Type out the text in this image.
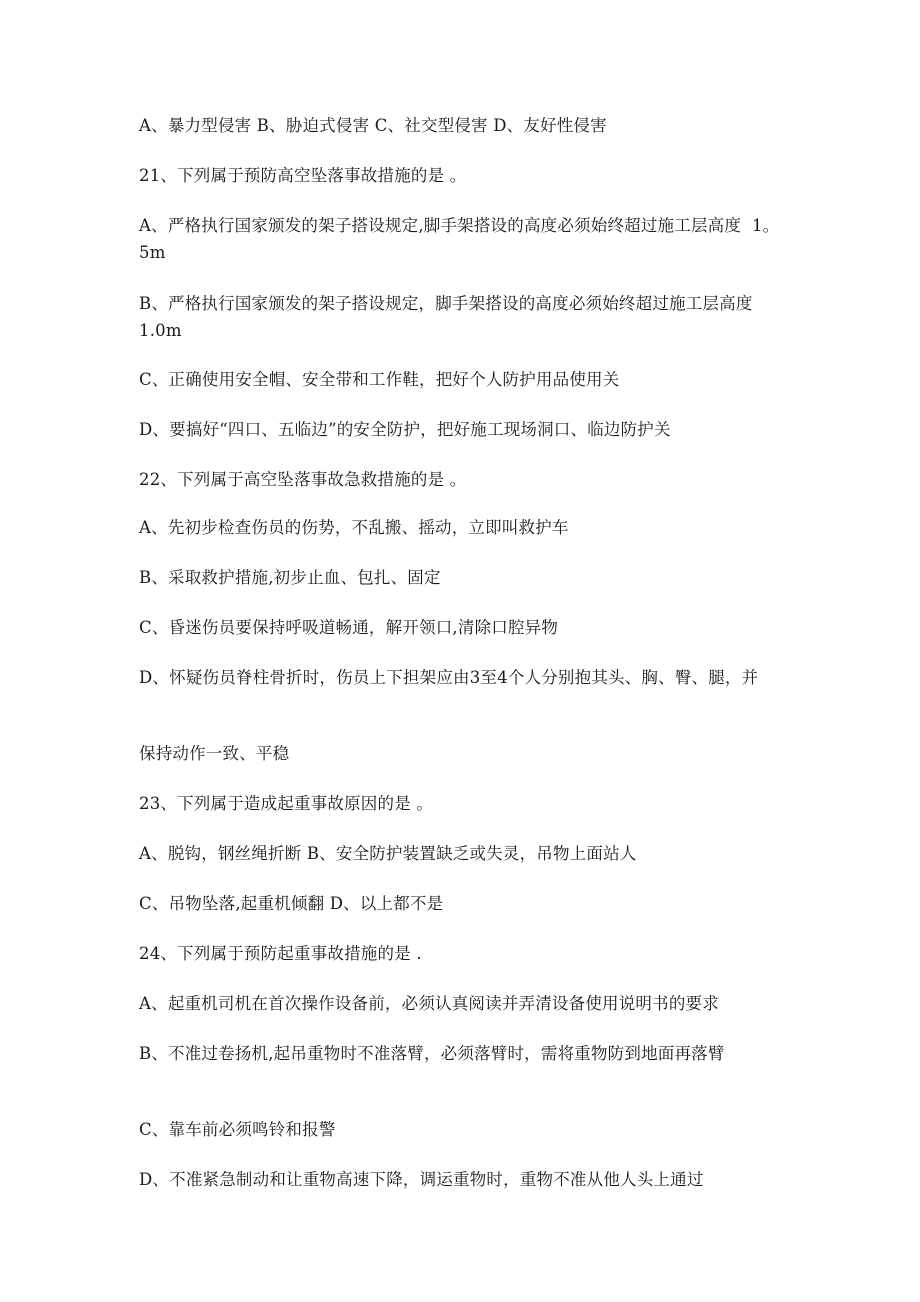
A、暴力型侵害 B、胁迫式侵害 C、社交型侵害 D、友好性侵害
21、下列属于预防高空坠落事故措施的是 。
A、严格执行国家颁发的架子搭设规定,脚手架搭设的高度必须始终超过施工层高度  1。5m
B、严格执行国家颁发的架子搭设规定，脚手架搭设的高度必须始终超过施工层高度  1.0m
C、正确使用安全帽、安全带和工作鞋，把好个人防护用品使用关
D、要搞好“四口、五临边”的安全防护，把好施工现场洞口、临边防护关
22、下列属于高空坠落事故急救措施的是 。
A、先初步检查伤员的伤势，不乱搬、摇动，立即叫救护车
B、采取救护措施,初步止血、包扎、固定
C、昏迷伤员要保持呼吸道畅通，解开领口,清除口腔异物
D、怀疑伤员脊柱骨折时，伤员上下担架应由3至4个人分别抱其头、胸、臀、腿，并
保持动作一致、平稳
23、下列属于造成起重事故原因的是 。
A、脱钩，钢丝绳折断 B、安全防护装置缺乏或失灵，吊物上面站人
C、吊物坠落,起重机倾翻 D、以上都不是
24、下列属于预防起重事故措施的是 .
A、起重机司机在首次操作设备前，必须认真阅读并弄清设备使用说明书的要求
B、不准过卷扬机,起吊重物时不准落臂，必须落臂时，需将重物防到地面再落臂
C、靠车前必须鸣铃和报警
D、不准紧急制动和让重物高速下降，调运重物时，重物不准从他人头上通过
